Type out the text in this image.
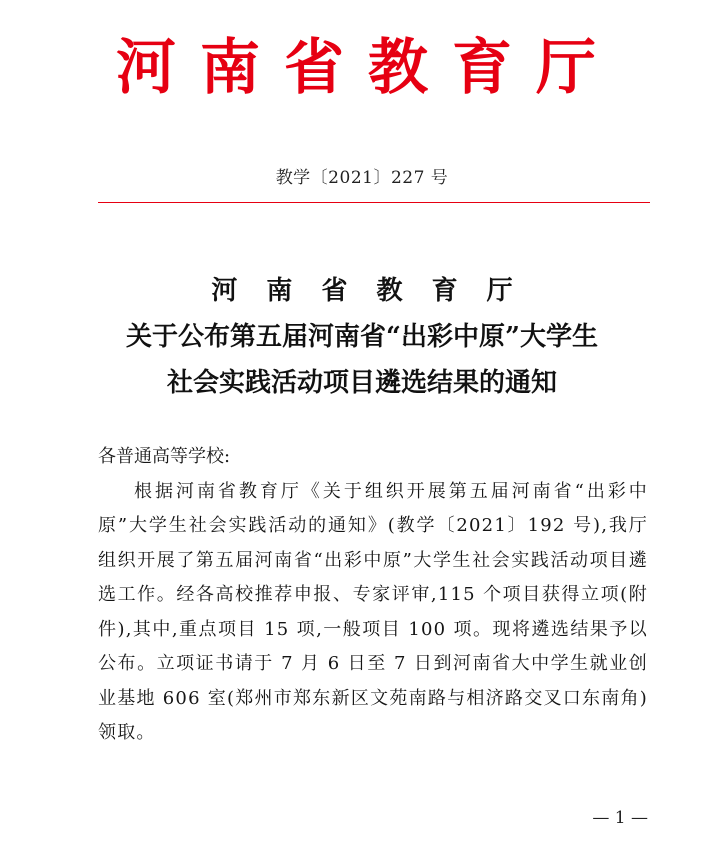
河南省教育厅
教学〔2021〕227 号
河 南 省 教 育 厅
关于公布第五届河南省“出彩中原”大学生
社会实践活动项目遴选结果的通知

各普通高等学校:

根据河南省教育厅《关于组织开展第五届河南省“出彩中原”大学生社会实践活动的通知》(教学〔2021〕192 号),我厅组织开展了第五届河南省“出彩中原”大学生社会实践活动项目遴选工作。经各高校推荐申报、专家评审,115 个项目获得立项(附件),其中,重点项目 15 项,一般项目 100 项。现将遴选结果予以公布。立项证书请于 7 月 6 日至 7 日到河南省大中学生就业创业基地 606 室(郑州市郑东新区文苑南路与相济路交叉口东南角)领取。

— 1 —
